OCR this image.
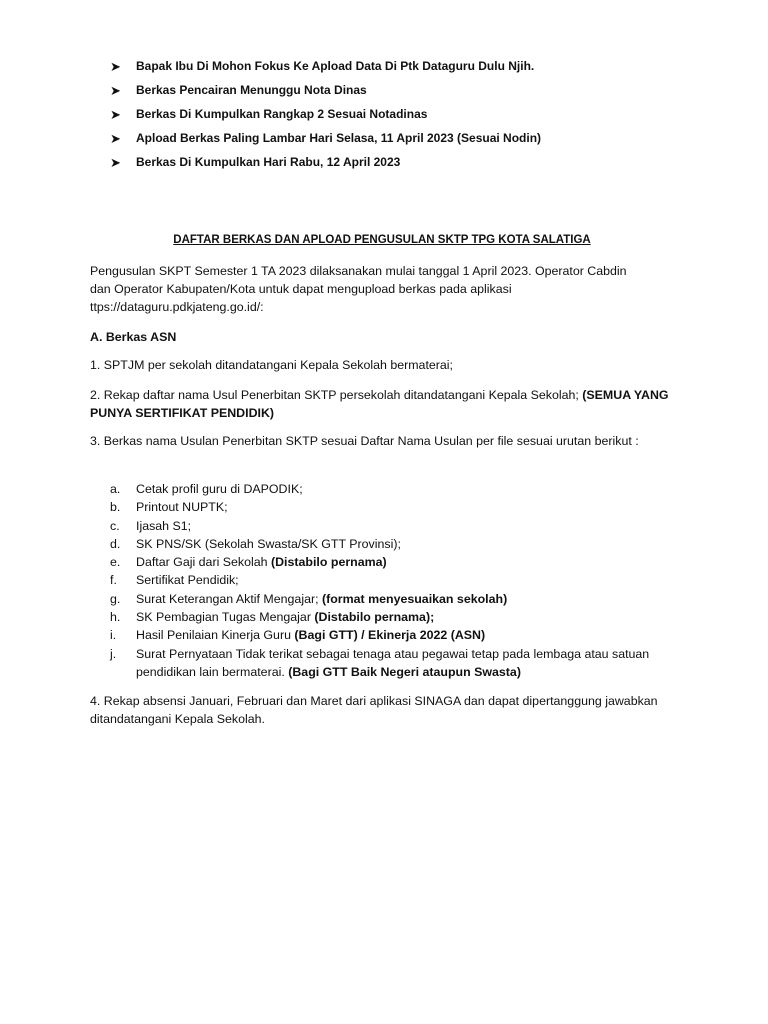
➤	Bapak Ibu Di Mohon Fokus Ke Apload Data Di Ptk Dataguru Dulu Njih.
➤	Berkas Pencairan Menunggu Nota Dinas
➤	Berkas Di Kumpulkan Rangkap 2 Sesuai Notadinas
➤	Apload Berkas Paling Lambar Hari Selasa, 11 April 2023 (Sesuai Nodin)
➤	Berkas Di Kumpulkan Hari Rabu, 12 April 2023
DAFTAR BERKAS DAN APLOAD PENGUSULAN SKTP TPG KOTA SALATIGA

Pengusulan SKPT Semester 1 TA 2023 dilaksanakan mulai tanggal 1 April 2023. Operator Cabdin
dan Operator Kabupaten/Kota untuk dapat mengupload berkas pada aplikasi
ttps://dataguru.pdkjateng.go.id/:

A. Berkas ASN

1. SPTJM per sekolah ditandatangani Kepala Sekolah bermaterai;

2. Rekap daftar nama Usul Penerbitan SKTP persekolah ditandatangani Kepala Sekolah; (SEMUA YANG PUNYA SERTIFIKAT PENDIDIK)

3. Berkas nama Usulan Penerbitan SKTP sesuai Daftar Nama Usulan per file sesuai urutan berikut :

a.	Cetak profil guru di DAPODIK;
b.	Printout NUPTK;
c.	Ijasah S1;
d.	SK PNS/SK (Sekolah Swasta/SK GTT Provinsi);
e.	Daftar Gaji dari Sekolah (Distabilo pernama)
f.	Sertifikat Pendidik;
g.	Surat Keterangan Aktif Mengajar; (format menyesuaikan sekolah)
h.	SK Pembagian Tugas Mengajar (Distabilo pernama);
i.	Hasil Penilaian Kinerja Guru (Bagi GTT) / Ekinerja 2022 (ASN)
j.	Surat Pernyataan Tidak terikat sebagai tenaga atau pegawai tetap pada lembaga atau satuan pendidikan lain bermaterai. (Bagi GTT Baik Negeri ataupun Swasta)

4. Rekap absensi Januari, Februari dan Maret dari aplikasi SINAGA dan dapat dipertanggung jawabkan ditandatangani Kepala Sekolah.
